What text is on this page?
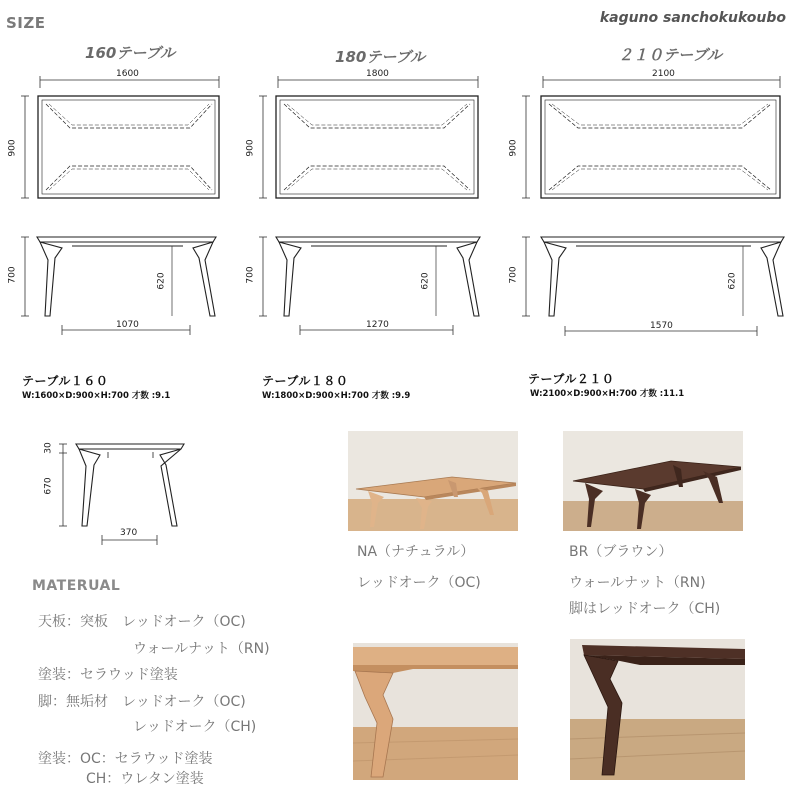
SIZE	kaguno sanchokukoubo
160テーブル
1600
900
700	620
1070
テーブル１６０
W:1600×D:900×H:700 才数 :9.1
180テーブル
1800
900
700	620
1270
テーブル１８０
W:1800×D:900×H:700 才数 :9.9
２１０テーブル
2100
900
700	620
1570
テーブル２１０
W:2100×D:900×H:700 才数 :11.1
30
670
370
NA（ナチュラル）
レッドオーク（OC)
BR（ブラウン）
ウォールナット（RN)
脚はレッドオーク（CH)
MATERUAL
天板：突板　レッドオーク（OC)
ウォールナット（RN)
塗装：セラウッド塗装
脚：無垢材　レッドオーク（OC)
レッドオーク（CH)
塗装：OC：セラウッド塗装
CH：ウレタン塗装
